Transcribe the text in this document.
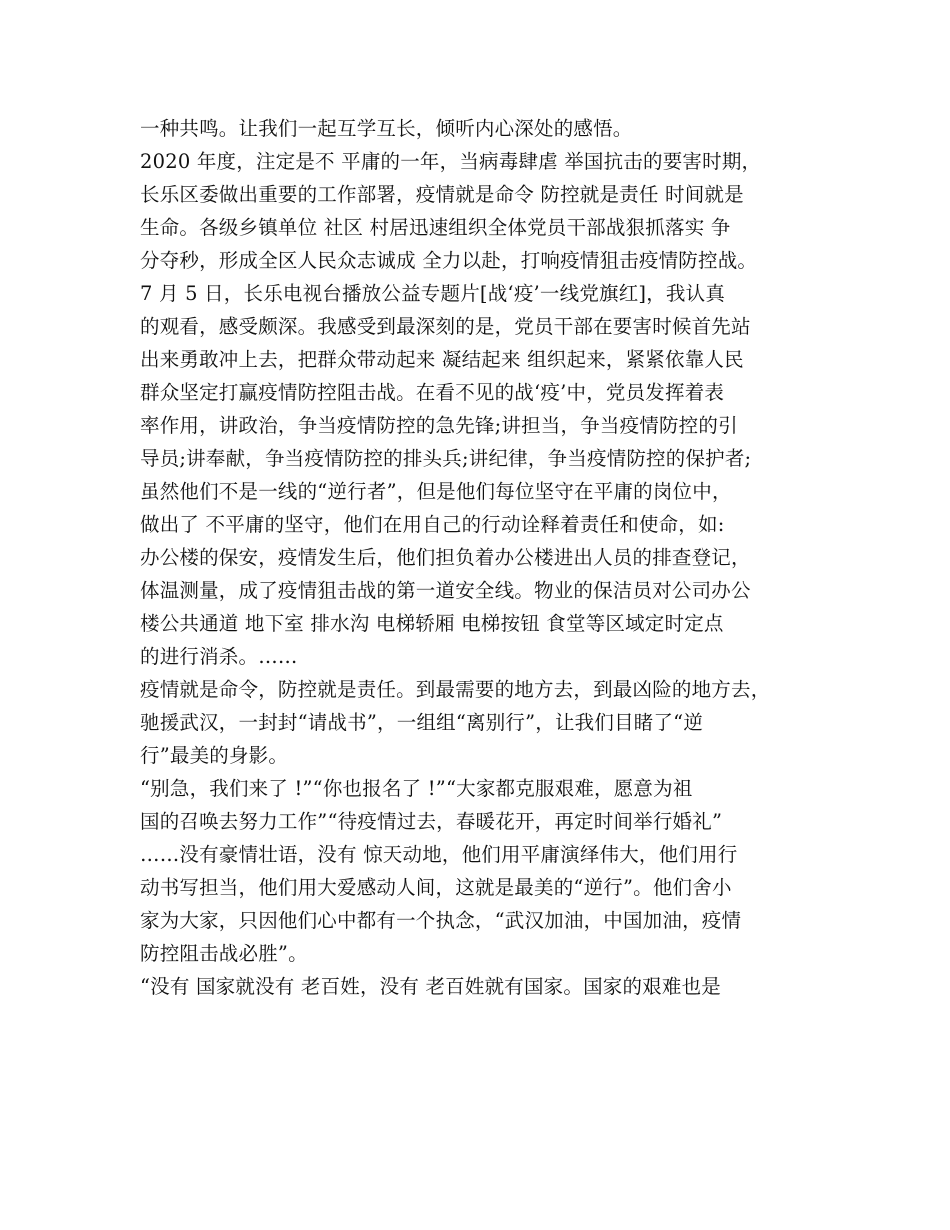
一种共鸣。让我们一起互学互长，倾听内心深处的感悟。
2020 年度，注定是不 平庸的一年，当病毒肆虐 举国抗击的要害时期，
长乐区委做出重要的工作部署，疫情就是命令 防控就是责任 时间就是
生命。各级乡镇单位 社区 村居迅速组织全体党员干部战狠抓落实 争
分夺秒，形成全区人民众志诚成 全力以赴，打响疫情狙击疫情防控战。
7 月 5 日，长乐电视台播放公益专题片[战‘疫’一线党旗红]，我认真
的观看，感受颇深。我感受到最深刻的是，党员干部在要害时候首先站
出来勇敢冲上去，把群众带动起来 凝结起来 组织起来，紧紧依靠人民
群众坚定打赢疫情防控阻击战。在看不见的战‘疫’中，党员发挥着表
率作用，讲政治，争当疫情防控的急先锋;讲担当，争当疫情防控的引
导员;讲奉献，争当疫情防控的排头兵;讲纪律，争当疫情防控的保护者;
虽然他们不是一线的“逆行者”，但是他们每位坚守在平庸的岗位中，
做出了 不平庸的坚守，他们在用自己的行动诠释着责任和使命，如:
办公楼的保安，疫情发生后，他们担负着办公楼进出人员的排查登记，
体温测量，成了疫情狙击战的第一道安全线。物业的保洁员对公司办公
楼公共通道 地下室 排水沟 电梯轿厢 电梯按钮 食堂等区域定时定点
的进行消杀。……
疫情就是命令，防控就是责任。到最需要的地方去，到最凶险的地方去，
驰援武汉，一封封“请战书”，一组组“离别行”，让我们目睹了“逆
行”最美的身影。
“别急，我们来了 !”“你也报名了 !”“大家都克服艰难，愿意为祖
国的召唤去努力工作”“待疫情过去，春暖花开，再定时间举行婚礼”
……没有豪情壮语，没有 惊天动地，他们用平庸演绎伟大，他们用行
动书写担当，他们用大爱感动人间，这就是最美的“逆行”。他们舍小
家为大家，只因他们心中都有一个执念，“武汉加油，中国加油，疫情
防控阻击战必胜”。
“没有 国家就没有 老百姓，没有 老百姓就有国家。国家的艰难也是
